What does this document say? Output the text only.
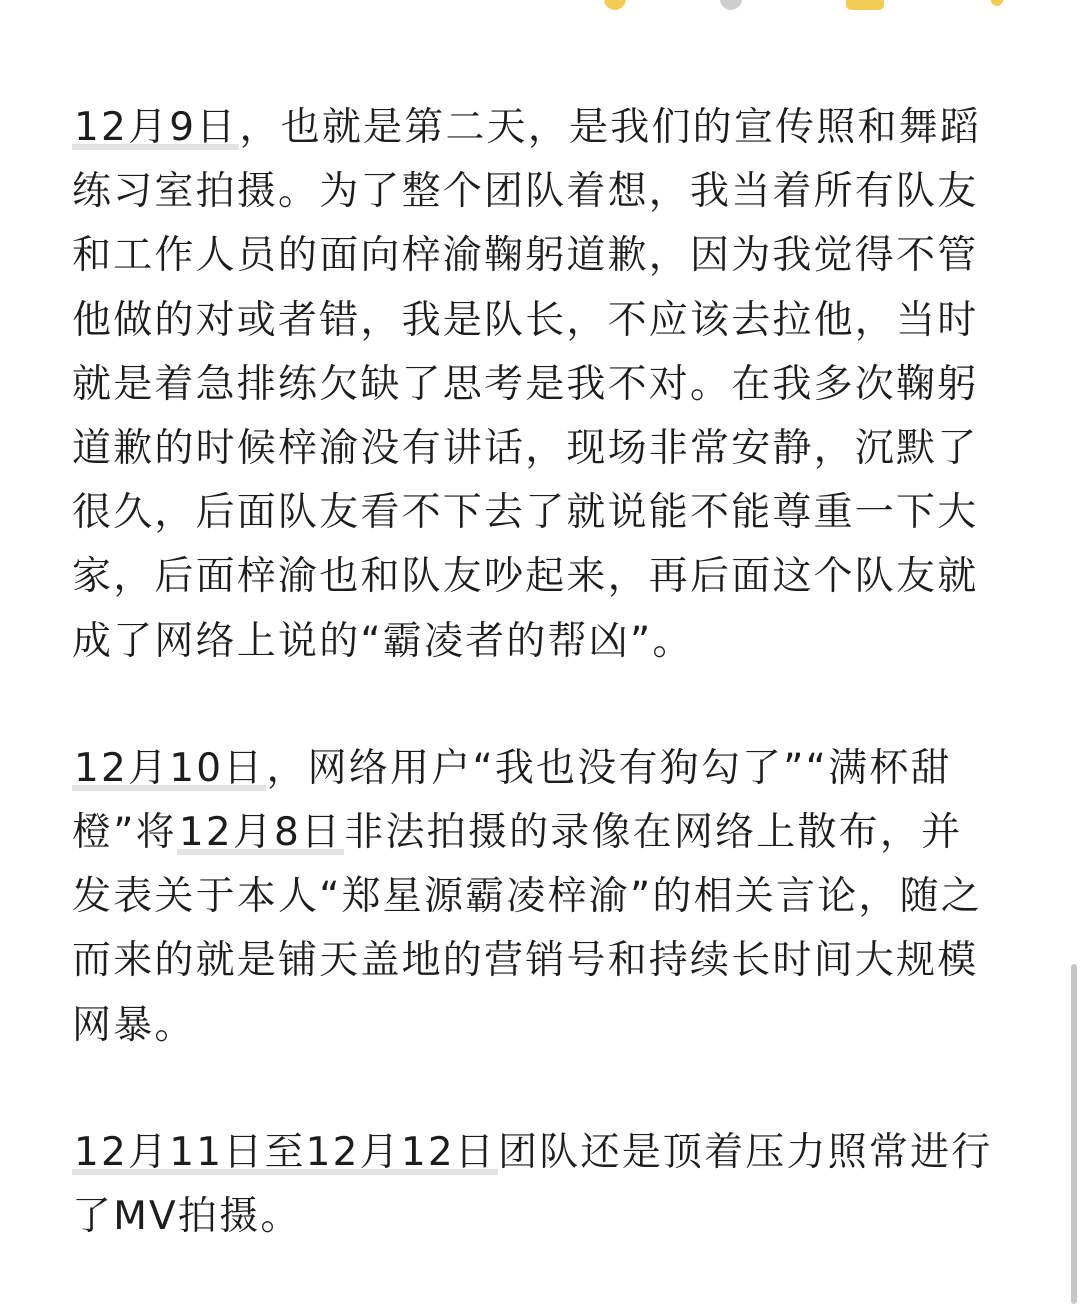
12月9日，也就是第二天，是我们的宣传照和舞蹈练习室拍摄。为了整个团队着想，我当着所有队友和工作人员的面向梓渝鞠躬道歉，因为我觉得不管他做的对或者错，我是队长，不应该去拉他，当时就是着急排练欠缺了思考是我不对。在我多次鞠躬道歉的时候梓渝没有讲话，现场非常安静，沉默了很久，后面队友看不下去了就说能不能尊重一下大家，后面梓渝也和队友吵起来，再后面这个队友就成了网络上说的“霸凌者的帮凶”。

12月10日，网络用户“我也没有狗勾了”“满杯甜橙”将12月8日非法拍摄的录像在网络上散布，并发表关于本人“郑星源霸凌梓渝”的相关言论，随之而来的就是铺天盖地的营销号和持续长时间大规模网暴。

12月11日至12月12日团队还是顶着压力照常进行了MV拍摄。
